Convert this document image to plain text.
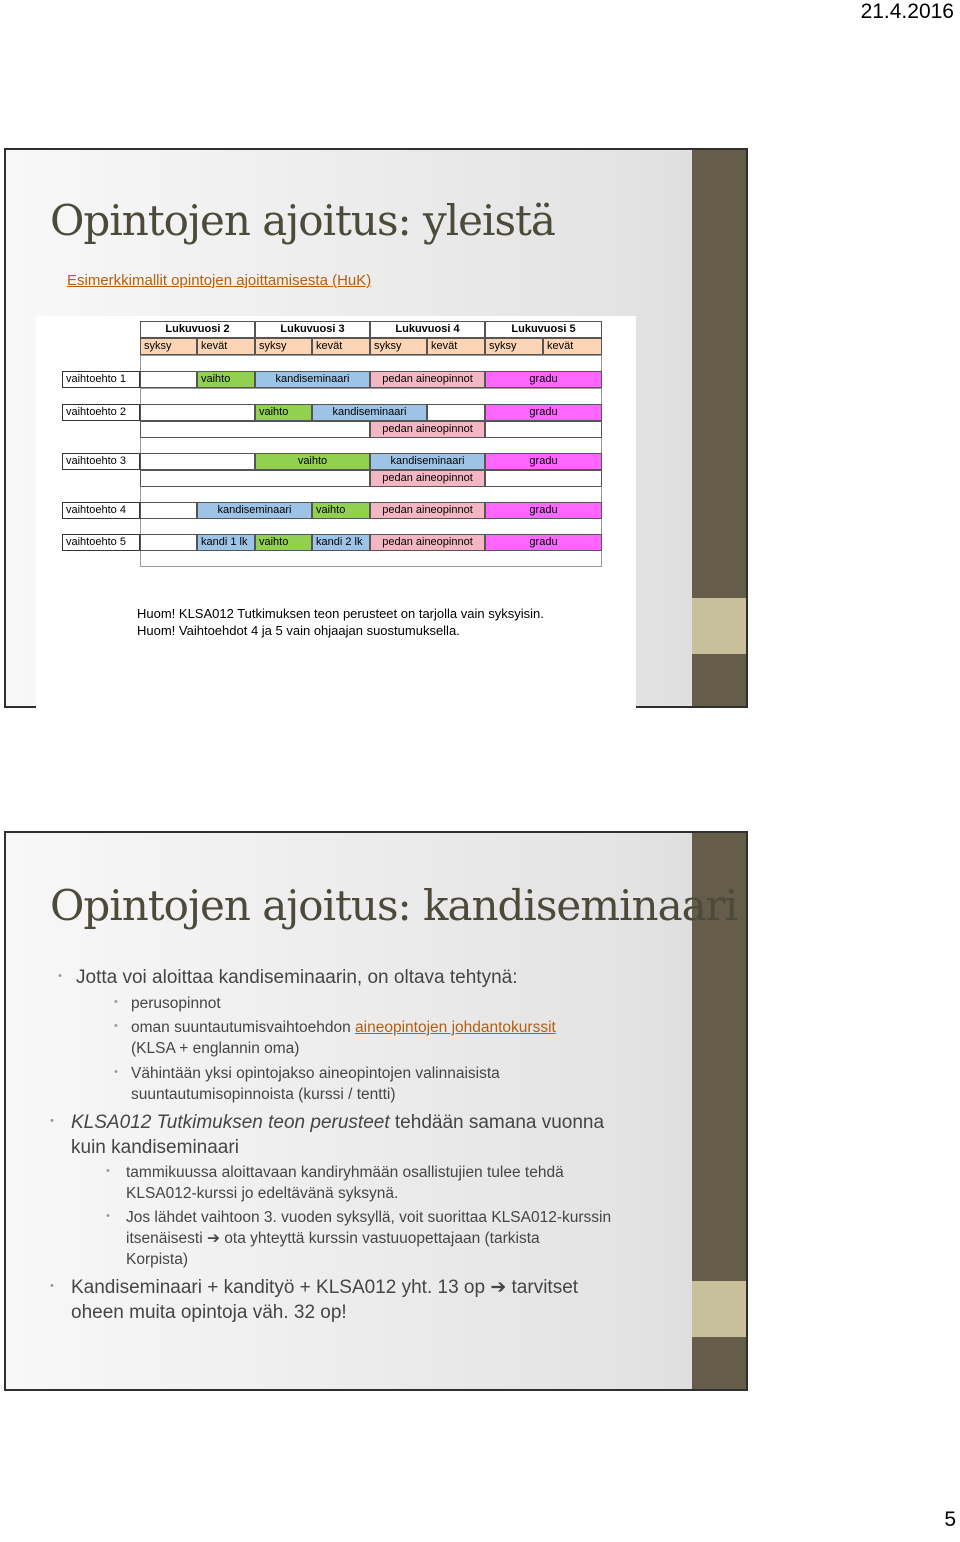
21.4.2016
Opintojen ajoitus: yleistä
Esimerkkimallit opintojen ajoittamisesta (HuK)
Lukuvuosi 2	Lukuvuosi 3	Lukuvuosi 4	Lukuvuosi 5
syksy	kevät	syksy	kevät	syksy	kevät	syksy	kevät
vaihtoehto 1	vaihto	kandiseminaari	pedan aineopinnot	gradu
vaihtoehto 2	vaihto	kandiseminaari	gradu
pedan aineopinnot
vaihtoehto 3	vaihto	kandiseminaari	gradu
pedan aineopinnot
vaihtoehto 4	kandiseminaari	vaihto	pedan aineopinnot	gradu
vaihtoehto 5	kandi 1 lk	vaihto	kandi 2 lk	pedan aineopinnot	gradu
Huom! KLSA012 Tutkimuksen teon perusteet on tarjolla vain syksyisin.
Huom! Vaihtoehdot 4 ja 5 vain ohjaajan suostumuksella.
Opintojen ajoitus: kandiseminaari
• Jotta voi aloittaa kandiseminaarin, on oltava tehtynä:
• perusopinnot
• oman suuntautumisvaihtoehdon aineopintojen johdantokurssit
(KLSA + englannin oma)
• Vähintään yksi opintojakso aineopintojen valinnaisista
suuntautumisopinnoista (kurssi / tentti)
• KLSA012 Tutkimuksen teon perusteet tehdään samana vuonna
kuin kandiseminaari
• tammikuussa aloittavaan kandiryhmään osallistujien tulee tehdä
KLSA012-kurssi jo edeltävänä syksynä.
• Jos lähdet vaihtoon 3. vuoden syksyllä, voit suorittaa KLSA012-kurssin
itsenäisesti ➔ ota yhteyttä kurssin vastuuopettajaan (tarkista
Korpista)
• Kandiseminaari + kandityö + KLSA012 yht. 13 op ➔ tarvitset
oheen muita opintoja väh. 32 op!
5
